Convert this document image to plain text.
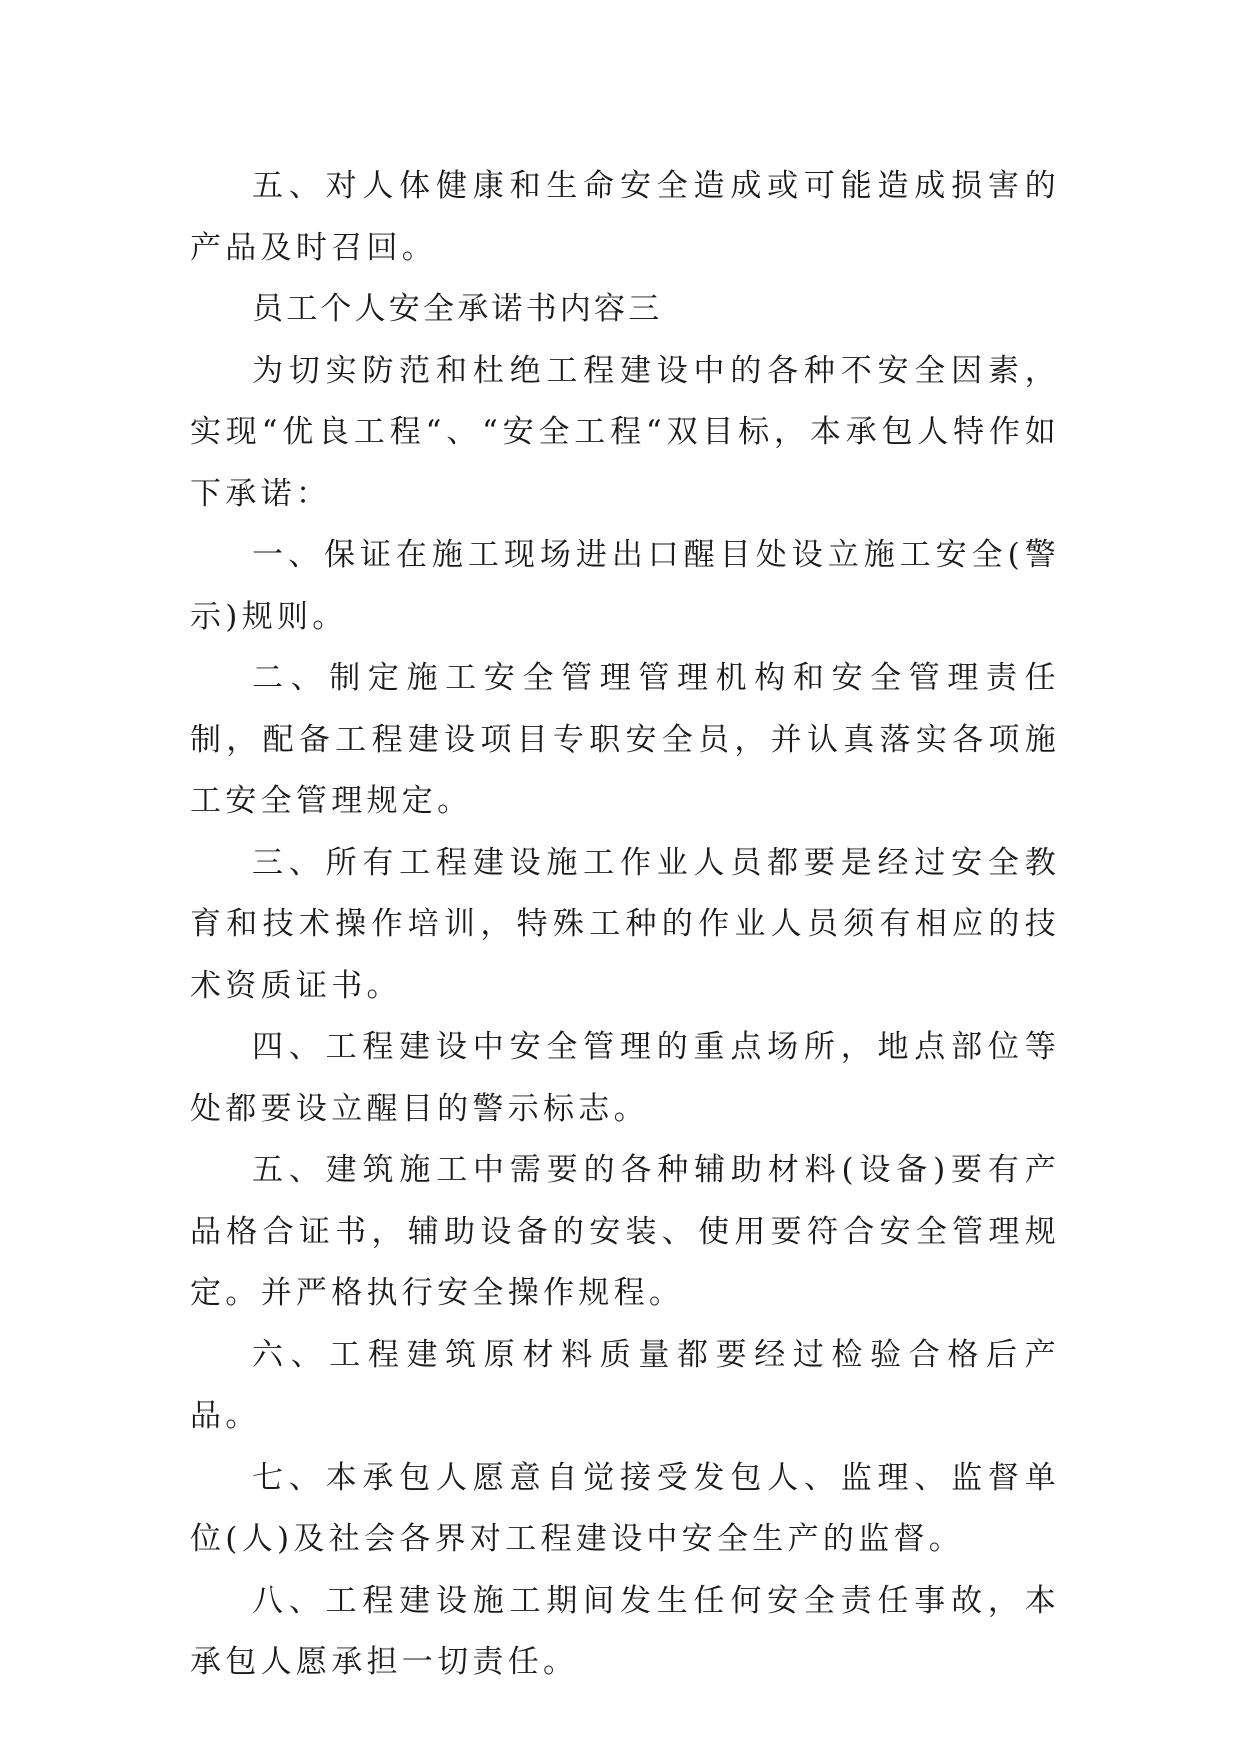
五、对人体健康和生命安全造成或可能造成损害的产品及时召回。

员工个人安全承诺书内容三

为切实防范和杜绝工程建设中的各种不安全因素，实现“优良工程“、“安全工程“双目标，本承包人特作如下承诺：

一、保证在施工现场进出口醒目处设立施工安全(警示)规则。

二、制定施工安全管理管理机构和安全管理责任制，配备工程建设项目专职安全员，并认真落实各项施工安全管理规定。

三、所有工程建设施工作业人员都要是经过安全教育和技术操作培训，特殊工种的作业人员须有相应的技术资质证书。

四、工程建设中安全管理的重点场所，地点部位等处都要设立醒目的警示标志。

五、建筑施工中需要的各种辅助材料(设备)要有产品格合证书，辅助设备的安装、使用要符合安全管理规定。并严格执行安全操作规程。

六、工程建筑原材料质量都要经过检验合格后产品。

七、本承包人愿意自觉接受发包人、监理、监督单位(人)及社会各界对工程建设中安全生产的监督。

八、工程建设施工期间发生任何安全责任事故，本承包人愿承担一切责任。
